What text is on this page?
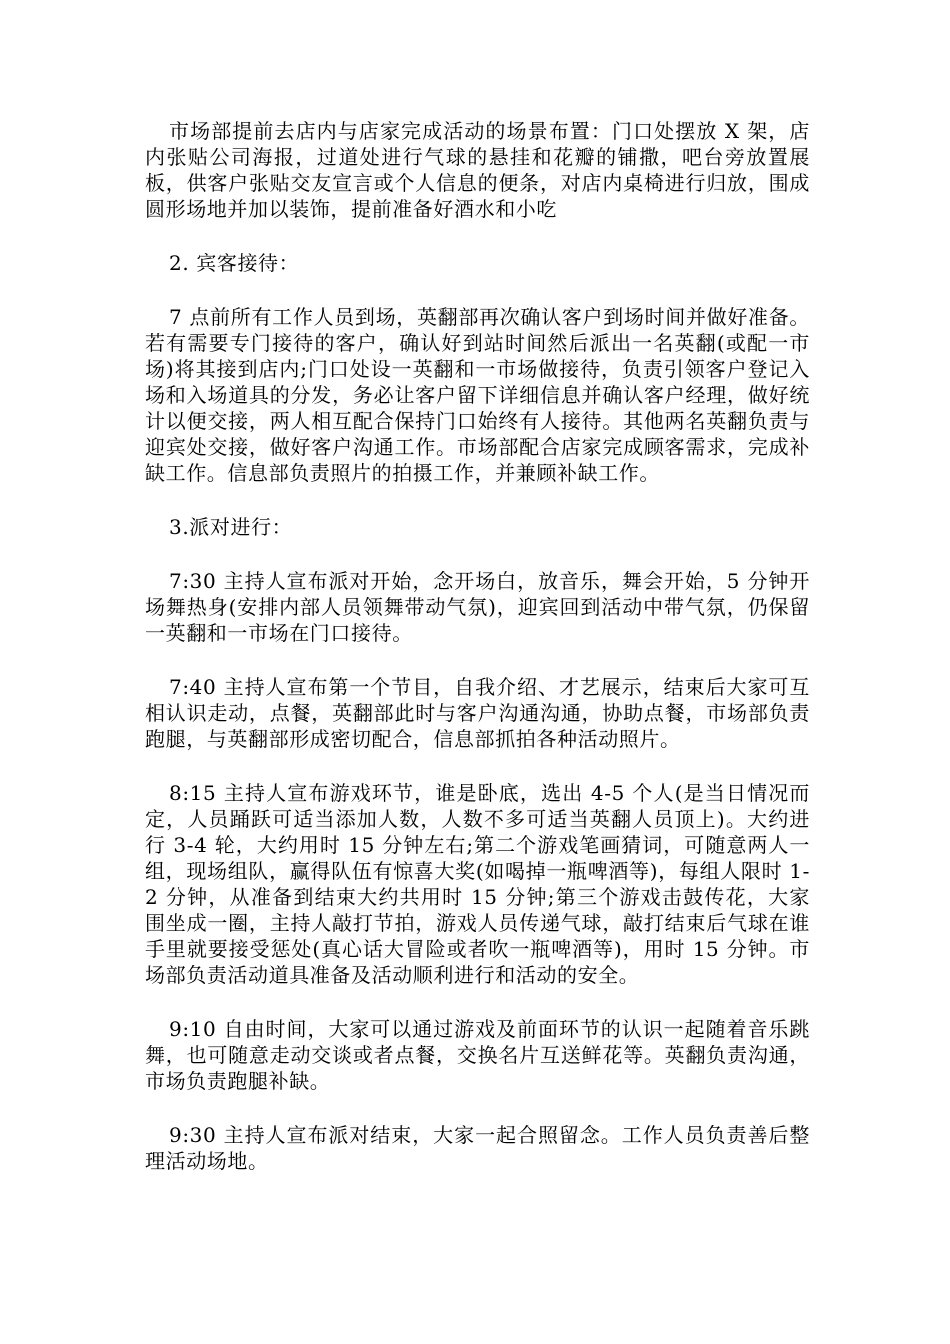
市场部提前去店内与店家完成活动的场景布置：门口处摆放 X 架，店内张贴公司海报，过道处进行气球的悬挂和花瓣的铺撒，吧台旁放置展板，供客户张贴交友宣言或个人信息的便条，对店内桌椅进行归放，围成圆形场地并加以装饰，提前准备好酒水和小吃

2. 宾客接待：

7 点前所有工作人员到场，英翻部再次确认客户到场时间并做好准备。若有需要专门接待的客户，确认好到站时间然后派出一名英翻(或配一市场)将其接到店内;门口处设一英翻和一市场做接待，负责引领客户登记入场和入场道具的分发，务必让客户留下详细信息并确认客户经理，做好统计以便交接，两人相互配合保持门口始终有人接待。其他两名英翻负责与迎宾处交接，做好客户沟通工作。市场部配合店家完成顾客需求，完成补缺工作。信息部负责照片的拍摄工作，并兼顾补缺工作。

3.派对进行：

7:30 主持人宣布派对开始，念开场白，放音乐，舞会开始，5 分钟开场舞热身(安排内部人员领舞带动气氛)，迎宾回到活动中带气氛，仍保留一英翻和一市场在门口接待。

7:40 主持人宣布第一个节目，自我介绍、才艺展示，结束后大家可互相认识走动，点餐，英翻部此时与客户沟通沟通，协助点餐，市场部负责跑腿，与英翻部形成密切配合，信息部抓拍各种活动照片。

8:15 主持人宣布游戏环节，谁是卧底，选出 4-5 个人(是当日情况而定，人员踊跃可适当添加人数，人数不多可适当英翻人员顶上)。大约进行 3-4 轮，大约用时 15 分钟左右;第二个游戏笔画猜词，可随意两人一组，现场组队，赢得队伍有惊喜大奖(如喝掉一瓶啤酒等)，每组人限时 1-2 分钟，从准备到结束大约共用时 15 分钟;第三个游戏击鼓传花，大家围坐成一圈，主持人敲打节拍，游戏人员传递气球，敲打结束后气球在谁手里就要接受惩处(真心话大冒险或者吹一瓶啤酒等)，用时 15 分钟。市场部负责活动道具准备及活动顺利进行和活动的安全。

9:10 自由时间，大家可以通过游戏及前面环节的认识一起随着音乐跳舞，也可随意走动交谈或者点餐，交换名片互送鲜花等。英翻负责沟通，市场负责跑腿补缺。

9:30 主持人宣布派对结束，大家一起合照留念。工作人员负责善后整理活动场地。
